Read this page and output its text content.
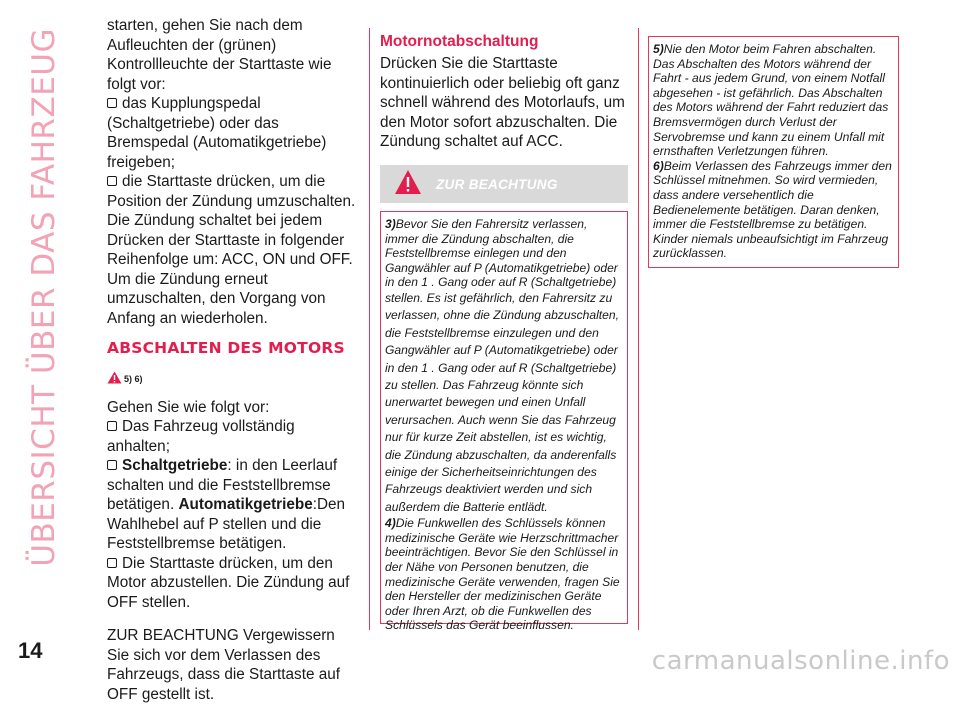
ÜBERSICHT ÜBER DAS FAHRZEUG

starten, gehen Sie nach dem Aufleuchten der (grünen) Kontrollleuchte der Starttaste wie folgt vor:

das Kupplungspedal (Schaltgetriebe) oder das Bremspedal (Automatikgetriebe) freigeben;

die Starttaste drücken, um die Position der Zündung umzuschalten.

Die Zündung schaltet bei jedem Drücken der Starttaste in folgender Reihenfolge um: ACC, ON und OFF.

Um die Zündung erneut umzuschalten, den Vorgang von Anfang an wiederholen.

ABSCHALTEN DES MOTORS
5) 6)

Gehen Sie wie folgt vor:

Das Fahrzeug vollständig anhalten;

Schaltgetriebe: in den Leerlauf schalten und die Feststellbremse betätigen. Automatikgetriebe:Den Wahlhebel auf P stellen und die Feststellbremse betätigen.

Die Starttaste drücken, um den Motor abzustellen. Die Zündung auf OFF stellen.

ZUR BEACHTUNG Vergewissern Sie sich vor dem Verlassen des Fahrzeugs, dass die Starttaste auf OFF gestellt ist.

Motornotabschaltung

Drücken Sie die Starttaste kontinuierlich oder beliebig oft ganz schnell während des Motorlaufs, um den Motor sofort abzuschalten. Die Zündung schaltet auf ACC.

ZUR BEACHTUNG

3)Bevor Sie den Fahrersitz verlassen, immer die Zündung abschalten, die Feststellbremse einlegen und den Gangwähler auf P (Automatikgetriebe) oder in den 1 . Gang oder auf R (Schaltgetriebe)

stellen. Es ist gefährlich, den Fahrersitz zu verlassen, ohne die Zündung abzuschalten, die Feststellbremse einzulegen und den Gangwähler auf P (Automatikgetriebe) oder in den 1 . Gang oder auf R (Schaltgetriebe) zu stellen. Das Fahrzeug könnte sich unerwartet bewegen und einen Unfall verursachen. Auch wenn Sie das Fahrzeug nur für kurze Zeit abstellen, ist es wichtig, die Zündung abzuschalten, da anderenfalls einige der Sicherheitseinrichtungen des Fahrzeugs deaktiviert werden und sich außerdem die Batterie entlädt.

4)Die Funkwellen des Schlüssels können medizinische Geräte wie Herzschrittmacher beeinträchtigen. Bevor Sie den Schlüssel in der Nähe von Personen benutzen, die medizinische Geräte verwenden, fragen Sie den Hersteller der medizinischen Geräte oder Ihren Arzt, ob die Funkwellen des Schlüssels das Gerät beeinflussen.

5)Nie den Motor beim Fahren abschalten. Das Abschalten des Motors während der Fahrt - aus jedem Grund, von einem Notfall abgesehen - ist gefährlich. Das Abschalten des Motors während der Fahrt reduziert das Bremsvermögen durch Verlust der Servobremse und kann zu einem Unfall mit ernsthaften Verletzungen führen.

6)Beim Verlassen des Fahrzeugs immer den Schlüssel mitnehmen. So wird vermieden, dass andere versehentlich die Bedienelemente betätigen. Daran denken, immer die Feststellbremse zu betätigen. Kinder niemals unbeaufsichtigt im Fahrzeug zurücklassen.

14	carmanualsonline.info
